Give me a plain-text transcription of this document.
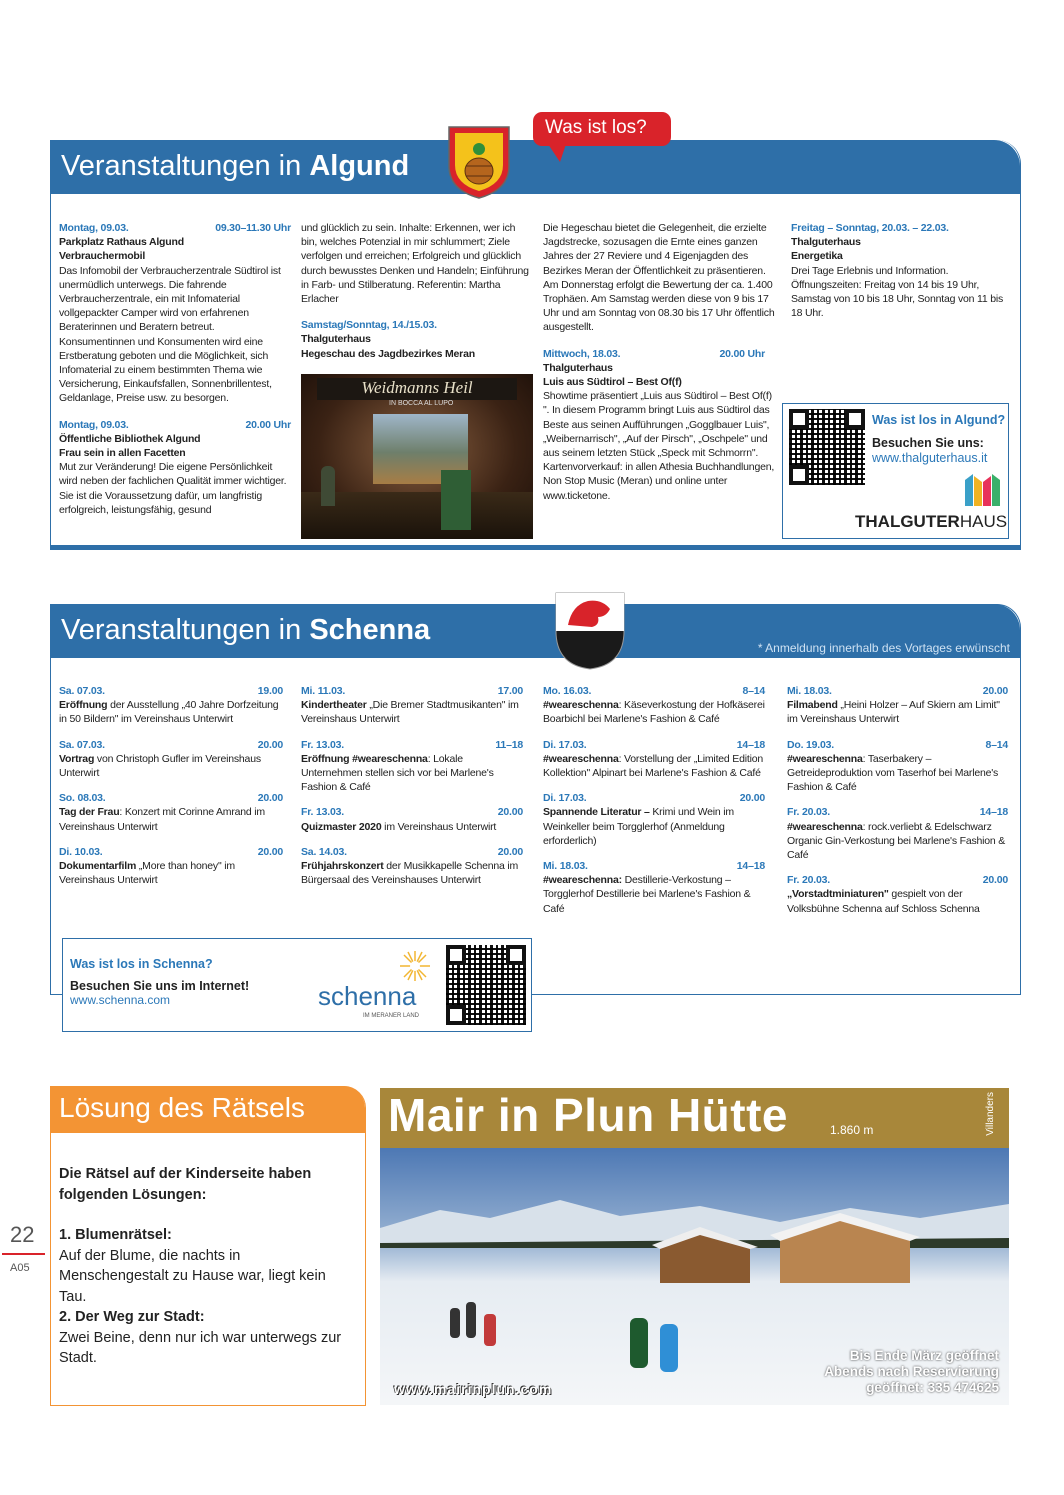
Veranstaltungen in Algund
Was ist los?
Montag, 09.03.	09.30–11.30 Uhr
Parkplatz Rathaus Algund
Verbrauchermobil
Das Infomobil der Verbraucherzentrale Südtirol ist unermüdlich unterwegs. Die fahrende Verbraucherzentrale, ein mit Infomaterial vollgepackter Camper wird von erfahrenen Beraterinnen und Beratern betreut. Konsumentinnen und Konsumenten wird eine Erstberatung geboten und die Möglichkeit, sich Infomaterial zu einem bestimmten Thema wie Versicherung, Einkaufsfallen, Sonnenbrillentest, Geldanlage, Preise usw. zu besorgen.
Montag, 09.03.	20.00 Uhr
Öffentliche Bibliothek Algund
Frau sein in allen Facetten
Mut zur Veränderung! Die eigene Persönlichkeit wird neben der fachlichen Qualität immer wichtiger. Sie ist die Voraussetzung dafür, um langfristig erfolgreich, leistungsfähig, gesund
und glücklich zu sein. Inhalte: Erkennen, wer ich bin, welches Potenzial in mir schlummert; Ziele verfolgen und erreichen; Erfolgreich und glücklich durch bewusstes Denken und Handeln; Einführung in Farb- und Stilberatung. Referentin: Martha Erlacher
Samstag/Sonntag, 14./15.03.
Thalguterhaus
Hegeschau des Jagdbezirkes Meran
Weidmanns Heil
IN BOCCA AL LUPO
Die Hegeschau bietet die Gelegenheit, die erzielte Jagdstrecke, sozusagen die Ernte eines ganzen Jahres der 27 Reviere und 4 Eigenjagden des Bezirkes Meran der Öffentlichkeit zu präsentieren. Am Donnerstag erfolgt die Bewertung der ca. 1.400 Trophäen. Am Samstag werden diese von 9 bis 17 Uhr und am Sonntag von 08.30 bis 17 Uhr öffentlich ausgestellt.
Mittwoch, 18.03.	20.00 Uhr
Thalguterhaus
Luis aus Südtirol – Best Of(f)
Showtime präsentiert „Luis aus Südtirol – Best Of(f) ". In diesem Programm bringt Luis aus Südtirol das Beste aus seinen Aufführungen „Gogglbauer Luis", „Weibernarrisch", „Auf der Pirsch", „Oschpele" und aus seinem letzten Stück „Speck mit Schmorrn". Kartenvorverkauf: in allen Athesia Buchhandlungen, Non Stop Music (Meran) und online unter www.ticketone.
Freitag – Sonntag, 20.03. – 22.03.
Thalguterhaus
Energetika
Drei Tage Erlebnis und Information. Öffnungszeiten: Freitag von 14 bis 19 Uhr, Samstag von 10 bis 18 Uhr, Sonntag von 11 bis 18 Uhr.
Was ist los in Algund?
Besuchen Sie uns:
www.thalguterhaus.it
THALGUTERHAUS
Veranstaltungen in Schenna
* Anmeldung innerhalb des Vortages erwünscht
Sa. 07.03.	19.00
Eröffnung der Ausstellung „40 Jahre Dorfzeitung in 50 Bildern" im Vereinshaus Unterwirt
Sa. 07.03.	20.00
Vortrag von Christoph Gufler im Vereinshaus Unterwirt
So. 08.03.	20.00
Tag der Frau: Konzert mit Corinne Amrand im Vereinshaus Unterwirt
Di. 10.03.	20.00
Dokumentarfilm „More than honey" im Vereinshaus Unterwirt
Mi. 11.03.	17.00
Kindertheater „Die Bremer Stadtmusikanten" im Vereinshaus Unterwirt
Fr. 13.03.	11–18
Eröffnung #weareschenna: Lokale Unternehmen stellen sich vor bei Marlene's Fashion & Café
Fr. 13.03.	20.00
Quizmaster 2020 im Vereinshaus Unterwirt
Sa. 14.03.	20.00
Frühjahrskonzert der Musikkapelle Schenna im Bürgersaal des Vereinshauses Unterwirt
Mo. 16.03.	8–14
#weareschenna: Käseverkostung der Hofkäserei Boarbichl bei Marlene's Fashion & Café
Di. 17.03.	14–18
#weareschenna: Vorstellung der „Limited Edition Kollektion" Alpinart bei Marlene's Fashion & Café
Di. 17.03.	20.00
Spannende Literatur – Krimi und Wein im Weinkeller beim Torgglerhof (Anmeldung erforderlich)
Mi. 18.03.	14–18
#weareschenna: Destillerie-Verkostung – Torgglerhof Destillerie bei Marlene's Fashion & Café
Mi. 18.03.	20.00
Filmabend „Heini Holzer – Auf Skiern am Limit" im Vereinshaus Unterwirt
Do. 19.03.	8–14
#weareschenna: Taserbakery – Getreideproduktion vom Taserhof bei Marlene's Fashion & Café
Fr. 20.03.	14–18
#weareschenna: rock.verliebt & Edelschwarz Organic Gin-Verkostung bei Marlene's Fashion & Café
Fr. 20.03.	20.00
„Vorstadtminiaturen" gespielt von der Volksbühne Schenna auf Schloss Schenna
Was ist los in Schenna?
Besuchen Sie uns im Internet!
www.schenna.com	schenna
IM MERANER LAND
22
A05
Lösung des Rätsels
Die Rätsel auf der Kinderseite haben folgenden Lösungen:
1. Blumenrätsel:
Auf der Blume, die nachts in Menschengestalt zu Hause war, liegt kein Tau.
2. Der Weg zur Stadt:
Zwei Beine, denn nur ich war unterwegs zur Stadt.
Mair in Plun Hütte	1.860 m	Villanders
Bis Ende März geöffnet
Abends nach Reservierung
geöffnet: 335 474625
www.mairinplun.com
